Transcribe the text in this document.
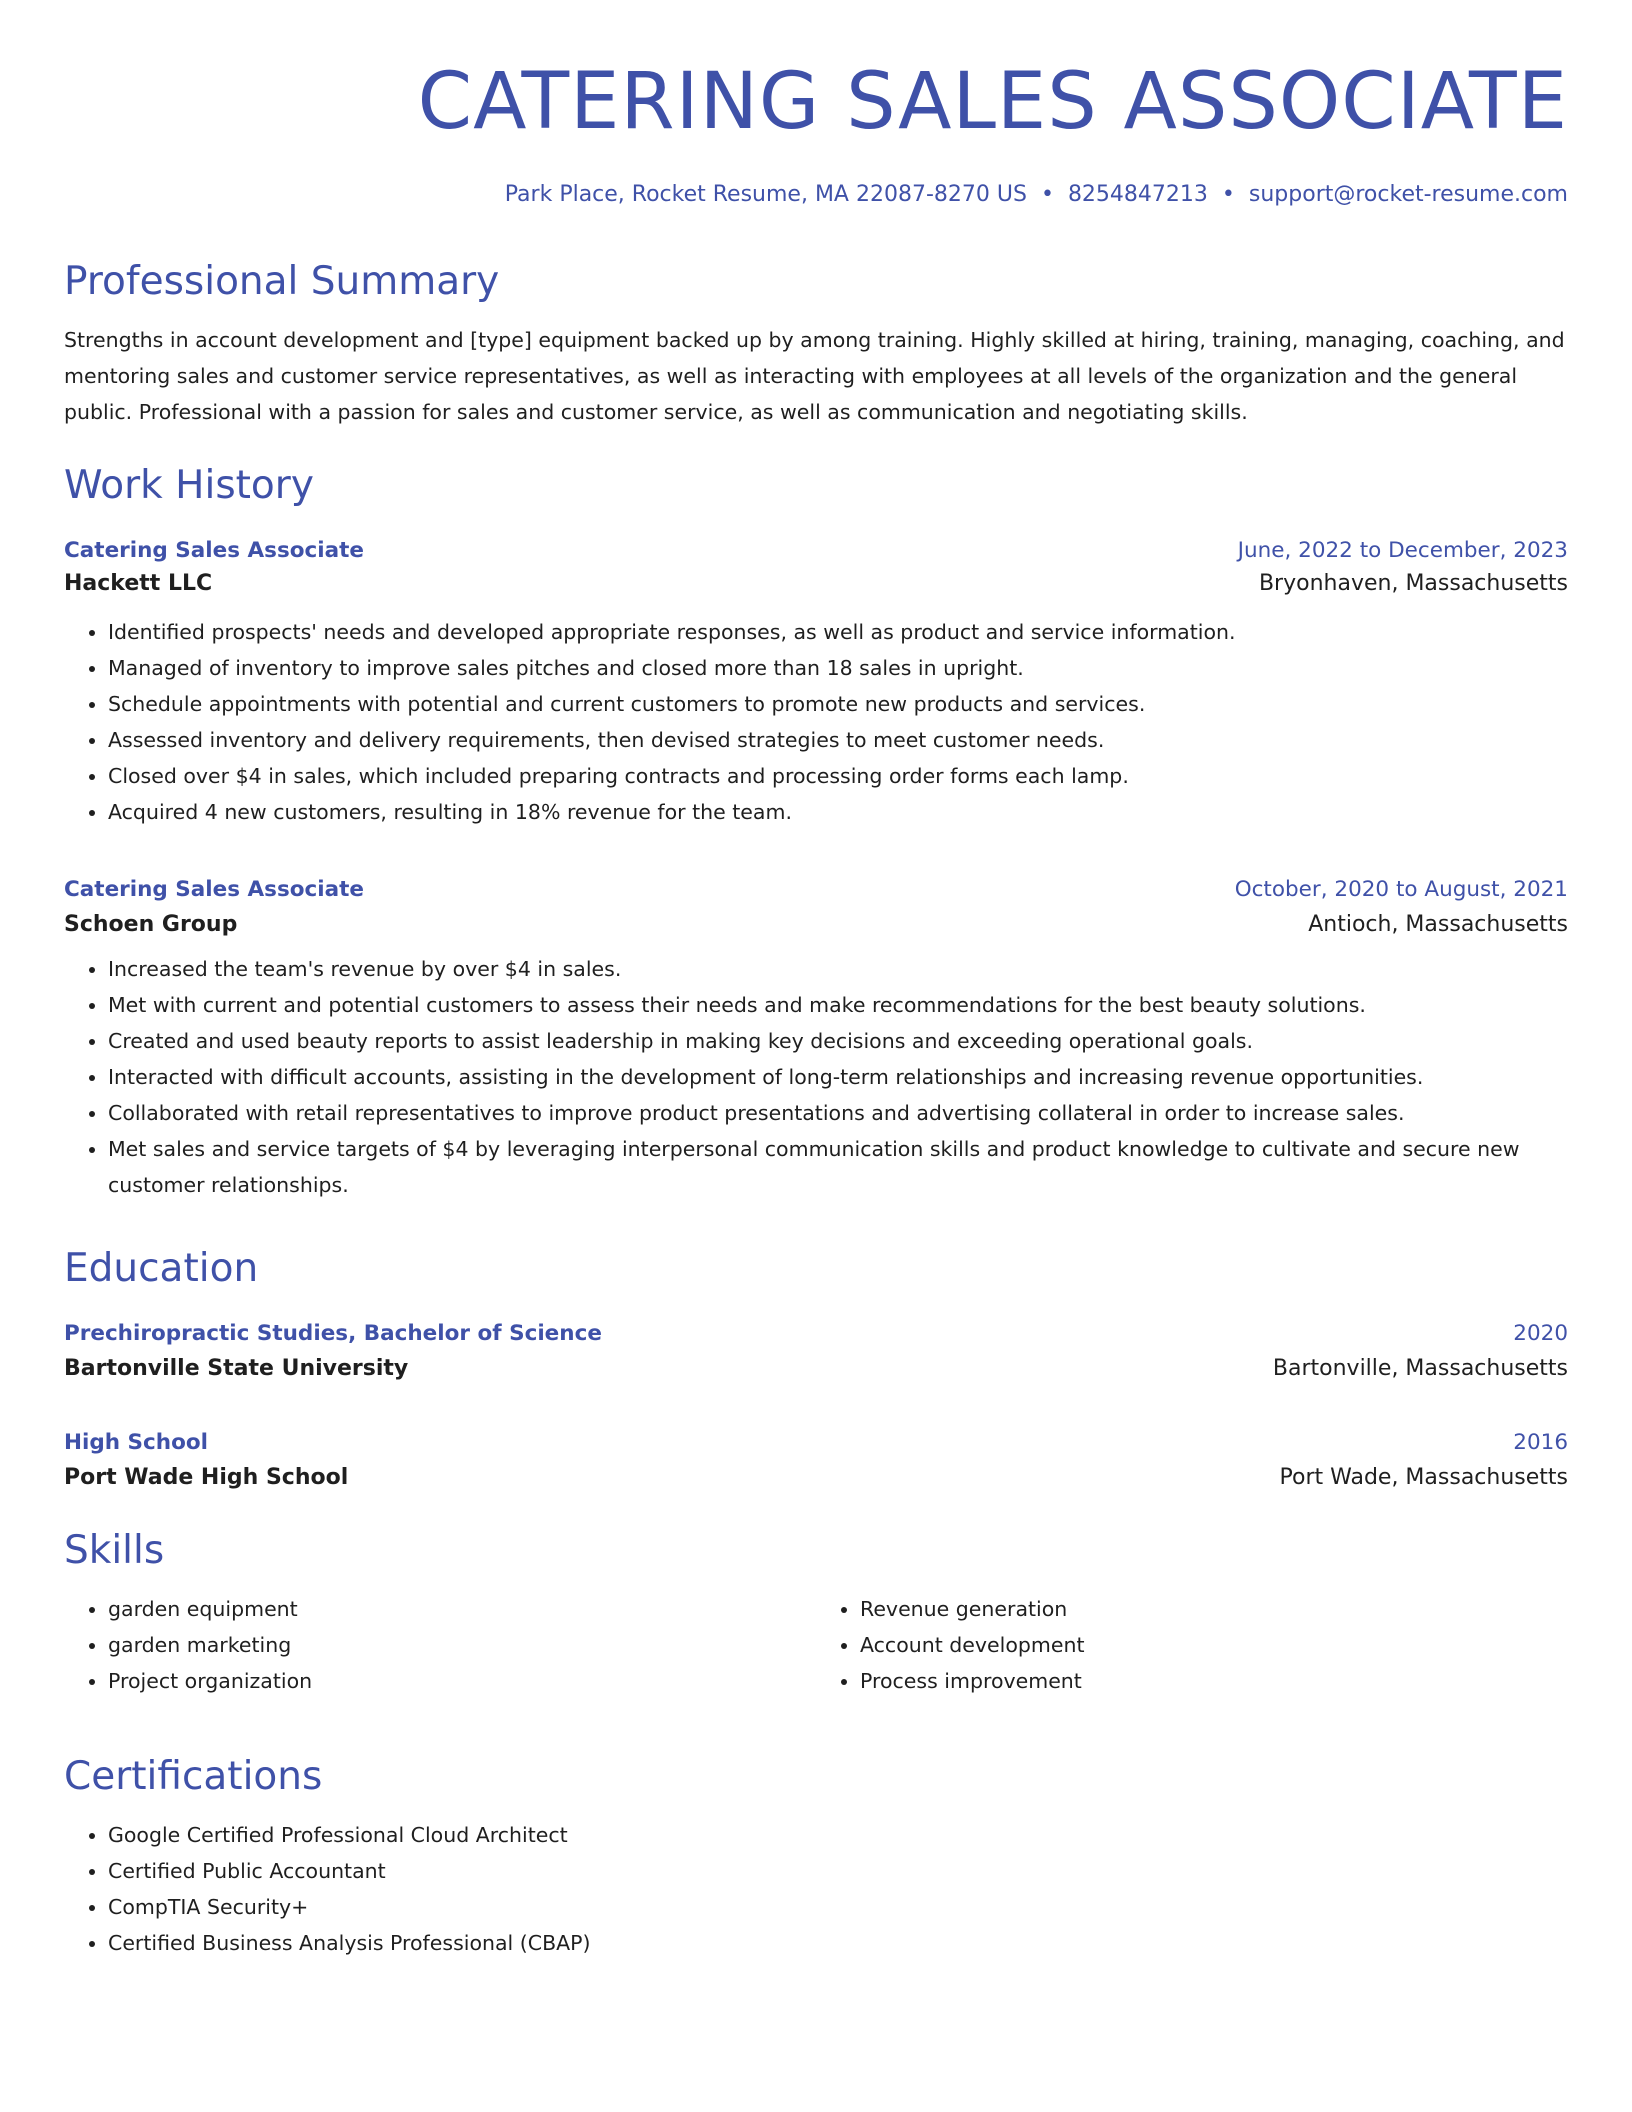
CATERING SALES ASSOCIATE
Park Place, Rocket Resume, MA 22087-8270 US • 8254847213 • support@rocket-resume.com
Professional Summary

Strengths in account development and [type] equipment backed up by among training. Highly skilled at hiring, training, managing, coaching, and mentoring sales and customer service representatives, as well as interacting with employees at all levels of the organization and the general public. Professional with a passion for sales and customer service, as well as communication and negotiating skills.

Work History
Catering Sales Associate	June, 2022 to December, 2023
Hackett LLC	Bryonhaven, Massachusetts
• Identified prospects' needs and developed appropriate responses, as well as product and service information.
• Managed of inventory to improve sales pitches and closed more than 18 sales in upright.
• Schedule appointments with potential and current customers to promote new products and services.
• Assessed inventory and delivery requirements, then devised strategies to meet customer needs.
• Closed over $4 in sales, which included preparing contracts and processing order forms each lamp.
• Acquired 4 new customers, resulting in 18% revenue for the team.
Catering Sales Associate	October, 2020 to August, 2021
Schoen Group	Antioch, Massachusetts
• Increased the team's revenue by over $4 in sales.
• Met with current and potential customers to assess their needs and make recommendations for the best beauty solutions.
• Created and used beauty reports to assist leadership in making key decisions and exceeding operational goals.
• Interacted with difficult accounts, assisting in the development of long-term relationships and increasing revenue opportunities.
• Collaborated with retail representatives to improve product presentations and advertising collateral in order to increase sales.
• Met sales and service targets of $4 by leveraging interpersonal communication skills and product knowledge to cultivate and secure new customer relationships.
Education
Prechiropractic Studies, Bachelor of Science	2020
Bartonville State University	Bartonville, Massachusetts
High School	2016
Port Wade High School	Port Wade, Massachusetts
Skills
• garden equipment
• garden marketing
• Project organization
• Revenue generation
• Account development
• Process improvement
Certifications
• Google Certified Professional Cloud Architect
• Certified Public Accountant
• CompTIA Security+
• Certified Business Analysis Professional (CBAP)
